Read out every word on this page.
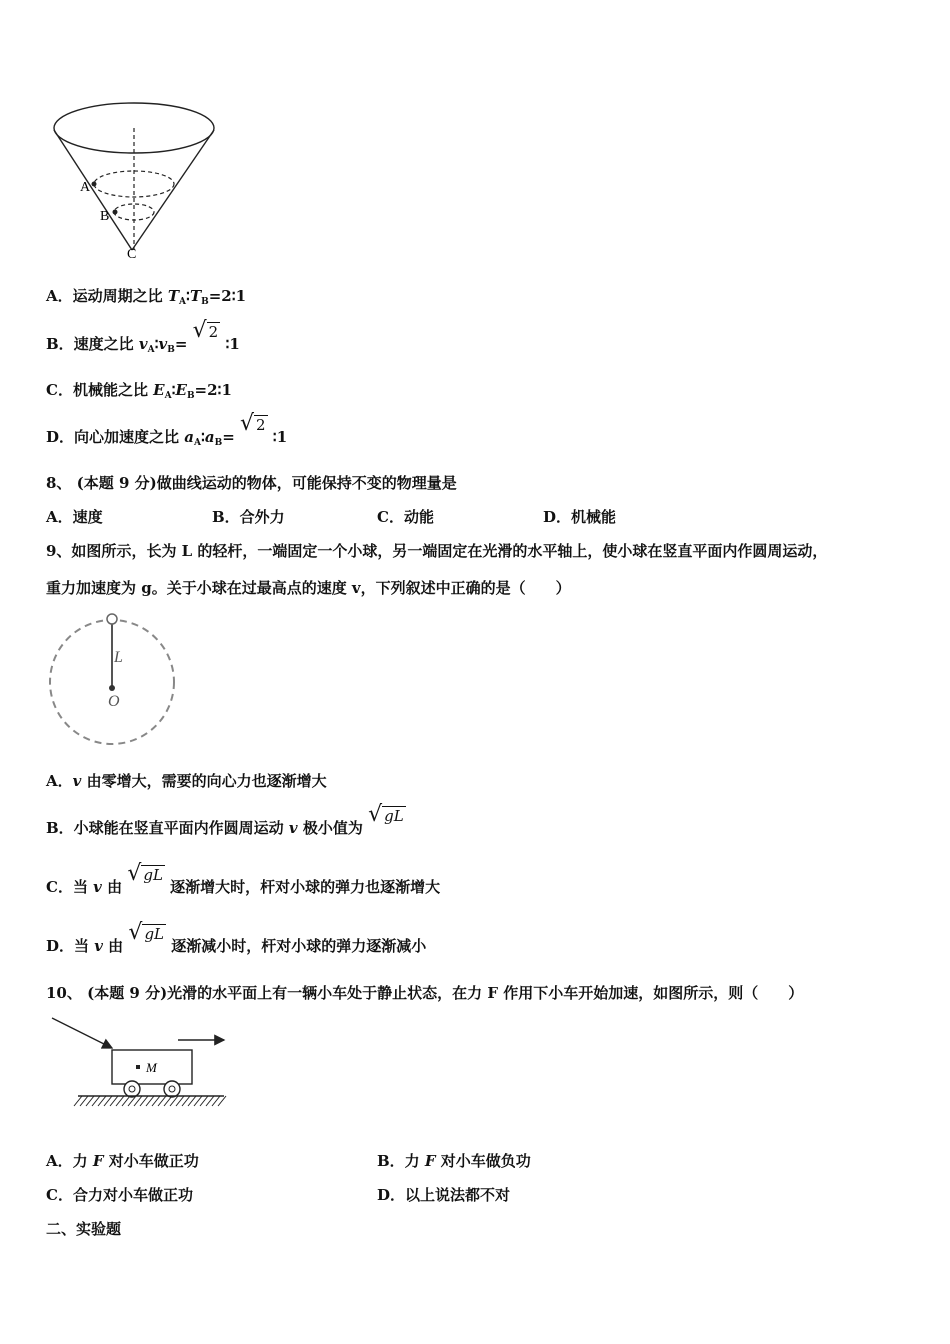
A
B
C
A．运动周期之比 $T_A∶T_B=2∶1$
B．速度之比 $v_A∶v_B=$ √ 2 ∶1
C．机械能之比 $E_A∶E_B=2∶1$
D．向心加速度之比 $a_A∶a_B=$ √ 2 ∶1
8、 (本题 9 分)做曲线运动的物体，可能保持不变的物理量是
A．速度	B．合外力	C．动能	D．机械能
9、如图所示，长为 L 的轻杆，一端固定一个小球，另一端固定在光滑的水平轴上，使小球在竖直平面内作圆周运动，
重力加速度为 g。关于小球在过最高点的速度 v，下列叙述中正确的是（　　）
L
O
A．v 由零增大，需要的向心力也逐渐增大
B．小球能在竖直平面内作圆周运动 v 极小值为 √ gL
C．当 v 由 √ gL 逐渐增大时，杆对小球的弹力也逐渐增大
D．当 v 由 √ gL 逐渐减小时，杆对小球的弹力逐渐减小
10、 (本题 9 分)光滑的水平面上有一辆小车处于静止状态，在力 F 作用下小车开始加速，如图所示，则（　　）
M
A．力 F 对小车做正功	B．力 F 对小车做负功
C．合力对小车做正功	D．以上说法都不对
二、实验题
